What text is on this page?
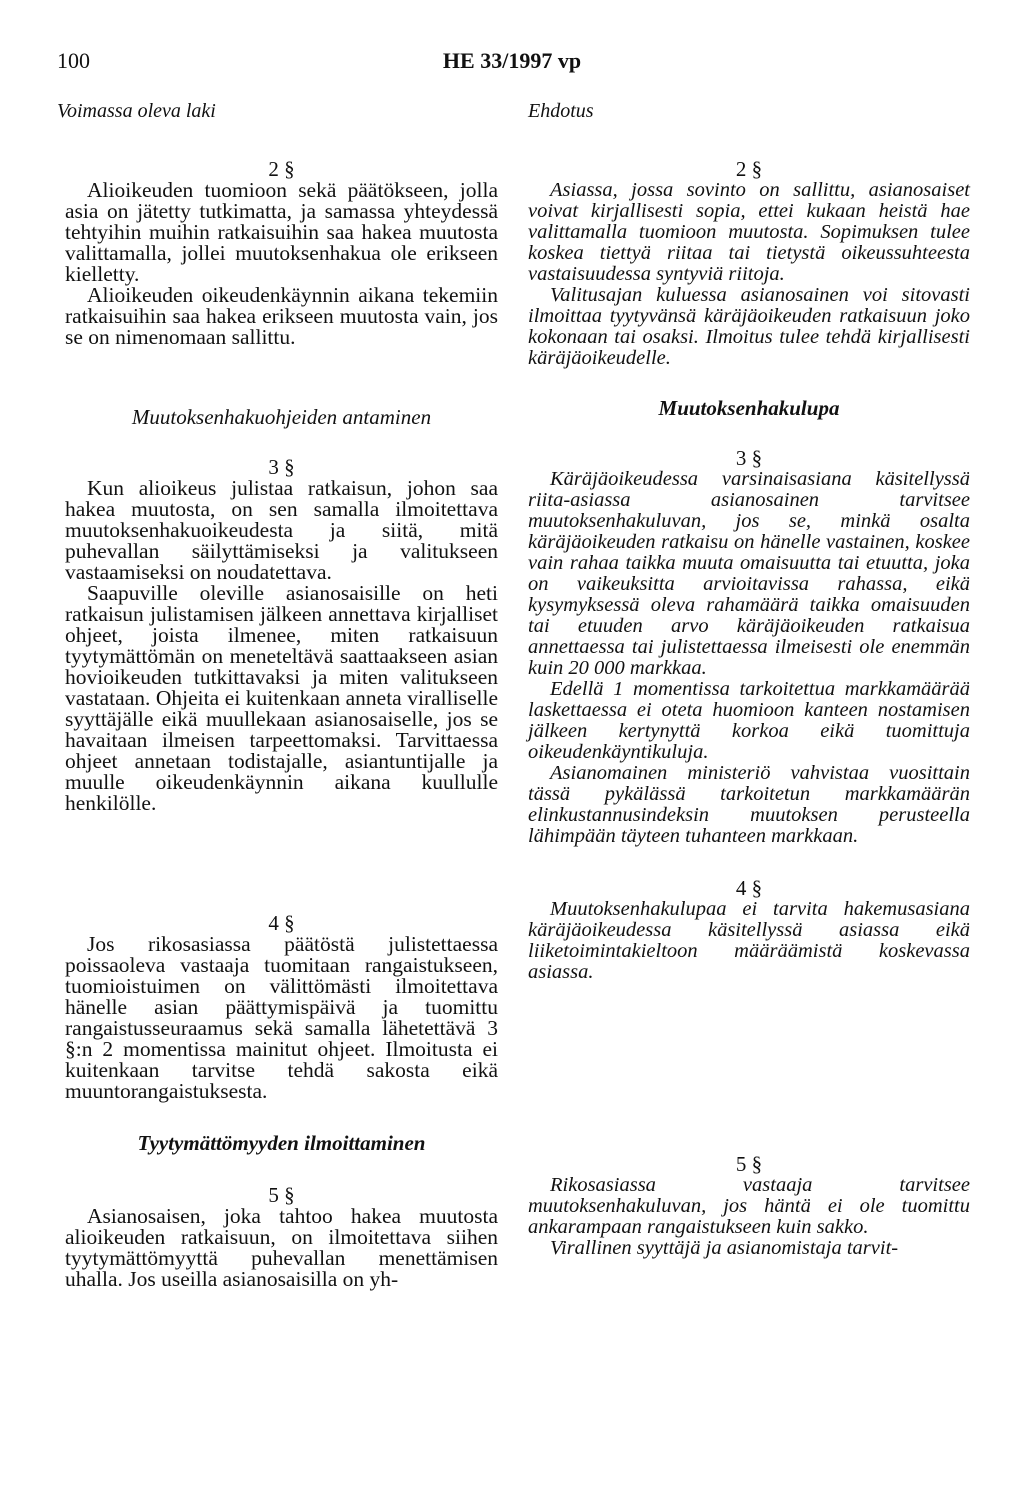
100	HE 33/1997 vp
Voimassa oleva laki
2 §

Alioikeuden tuomioon sekä päätökseen, jolla asia on jätetty tutkimatta, ja samassa yhteydessä tehtyihin muihin ratkaisuihin saa hakea muutosta valittamalla, jollei muutoksenhakua ole erikseen kielletty.

Alioikeuden oikeudenkäynnin aikana tekemiin ratkaisuihin saa hakea erikseen muutosta vain, jos se on nimenomaan sallittu.

Muutoksenhakuohjeiden antaminen
3 §

Kun alioikeus julistaa ratkaisun, johon saa hakea muutosta, on sen samalla ilmoitettava muutoksenhakuoikeudesta ja siitä, mitä puhevallan säilyttämiseksi ja valitukseen vastaamiseksi on noudatettava.

Saapuville oleville asianosaisille on heti ratkaisun julistamisen jälkeen annettava kirjalliset ohjeet, joista ilmenee, miten ratkaisuun tyytymättömän on meneteltävä saattaakseen asian hovioikeuden tutkittavaksi ja miten valitukseen vastataan. Ohjeita ei kuitenkaan anneta viralliselle syyttäjälle eikä muullekaan asianosaiselle, jos se havaitaan ilmeisen tarpeettomaksi. Tarvittaessa ohjeet annetaan todistajalle, asiantuntijalle ja muulle oikeudenkäynnin aikana kuullulle henkilölle.

4 §

Jos rikosasiassa päätöstä julistettaessa poissaoleva vastaaja tuomitaan rangaistukseen, tuomioistuimen on välittömästi ilmoitettava hänelle asian päättymispäivä ja tuomittu rangaistusseuraamus sekä samalla lähetettävä 3 §:n 2 momentissa mainitut ohjeet. Ilmoitusta ei kuitenkaan tarvitse tehdä sakosta eikä muuntorangaistuksesta.

Tyytymättömyyden ilmoittaminen
5 §

Asianosaisen, joka tahtoo hakea muutosta alioikeuden ratkaisuun, on ilmoitettava siihen tyytymättömyyttä puhevallan menettämisen uhalla. Jos useilla asianosaisilla on yh-

Ehdotus
2 §

Asiassa, jossa sovinto on sallittu, asianosaiset voivat kirjallisesti sopia, ettei kukaan heistä hae valittamalla tuomioon muutosta. Sopimuksen tulee koskea tiettyä riitaa tai tietystä oikeussuhteesta vastaisuudessa syntyviä riitoja.

Valitusajan kuluessa asianosainen voi sitovasti ilmoittaa tyytyvänsä käräjäoikeuden ratkaisuun joko kokonaan tai osaksi. Ilmoitus tulee tehdä kirjallisesti käräjäoikeudelle.

Muutoksenhakulupa
3 §

Käräjäoikeudessa varsinaisasiana käsitellyssä riita-asiassa asianosainen tarvitsee muutoksenhakuluvan, jos se, minkä osalta käräjäoikeuden ratkaisu on hänelle vastainen, koskee vain rahaa taikka muuta omaisuutta tai etuutta, joka on vaikeuksitta arvioitavissa rahassa, eikä kysymyksessä oleva rahamäärä taikka omaisuuden tai etuuden arvo käräjäoikeuden ratkaisua annettaessa tai julistettaessa ilmeisesti ole enemmän kuin 20 000 markkaa.

Edellä 1 momentissa tarkoitettua markkamäärää laskettaessa ei oteta huomioon kanteen nostamisen jälkeen kertynyttä korkoa eikä tuomittuja oikeudenkäyntikuluja.

Asianomainen ministeriö vahvistaa vuosittain tässä pykälässä tarkoitetun markkamäärän elinkustannusindeksin muutoksen perusteella lähimpään täyteen tuhanteen markkaan.

4 §

Muutoksenhakulupaa ei tarvita hakemusasiana käräjäoikeudessa käsitellyssä asiassa eikä liiketoimintakieltoon määräämistä koskevassa asiassa.

5 §

Rikosasiassa vastaaja tarvitsee muutoksenhakuluvan, jos häntä ei ole tuomittu ankarampaan rangaistukseen kuin sakko.

Virallinen syyttäjä ja asianomistaja tarvit-
